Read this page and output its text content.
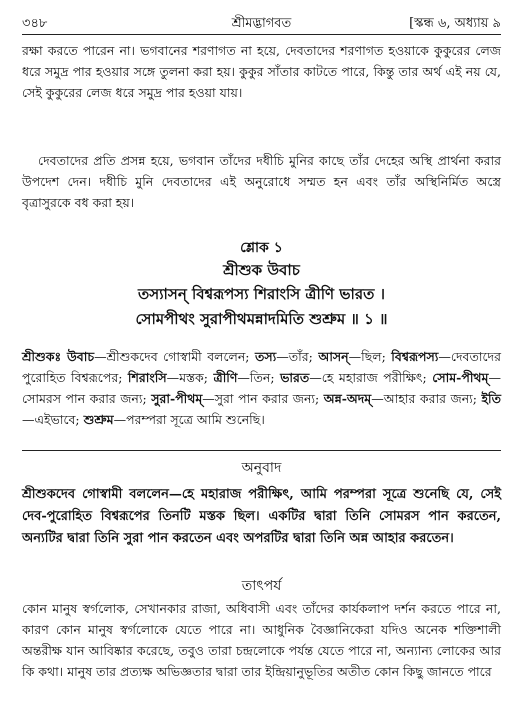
৩৪৮	শ্রীমদ্ভাগবত	[স্কন্ধ ৬, অধ্যায় ৯
রক্ষা করতে পারেন না। ভগবানের শরণাগত না হয়ে, দেবতাদের শরণাগত হওয়াকে কুকুরের লেজ ধরে সমুদ্র পার হওয়ার সঙ্গে তুলনা করা হয়। কুকুর সাঁতার কাটতে পারে, কিন্তু তার অর্থ এই নয় যে, সেই কুকুরের লেজ ধরে সমুদ্র পার হওয়া যায়।
দেবতাদের প্রতি প্রসন্ন হয়ে, ভগবান তাঁদের দধীচি মুনির কাছে তাঁর দেহের অস্থি প্রার্থনা করার উপদেশ দেন। দধীচি মুনি দেবতাদের এই অনুরোধে সম্মত হন এবং তাঁর অস্থিনির্মিত অস্ত্রে বৃত্রাসুরকে বধ করা হয়।
শ্লোক ১
শ্রীশুক উবাচ
তস্যাসন্ বিশ্বরূপস্য শিরাংসি ত্রীণি ভারত ।
সোমপীথং সুরাপীথমন্নাদমিতি শুশ্রুম ॥ ১ ॥
শ্রীশুকঃ উবাচ—শ্রীশুকদেব গোস্বামী বললেন; তস্য—তাঁর; আসন্—ছিল; বিশ্বরূপস্য—দেবতাদের পুরোহিত বিশ্বরূপের; শিরাংসি—মস্তক; ত্রীণি—তিন; ভারত—হে মহারাজ পরীক্ষিৎ; সোম-পীথম্—সোমরস পান করার জন্য; সুরা-পীথম্—সুরা পান করার জন্য; অন্ন-অদম্—আহার করার জন্য; ইতি—এইভাবে; শুশ্রুম—পরম্পরা সূত্রে আমি শুনেছি।
অনুবাদ
শ্রীশুকদেব গোস্বামী বললেন—হে মহারাজ পরীক্ষিৎ, আমি পরম্পরা সূত্রে শুনেছি যে, সেই দেব-পুরোহিত বিশ্বরূপের তিনটি মস্তক ছিল। একটির দ্বারা তিনি সোমরস পান করতেন, অন্যটির দ্বারা তিনি সুরা পান করতেন এবং অপরটির দ্বারা তিনি অন্ন আহার করতেন।
তাৎপর্য
কোন মানুষ স্বর্গলোক, সেখানকার রাজা, অধিবাসী এবং তাঁদের কার্যকলাপ দর্শন করতে পারে না, কারণ কোন মানুষ স্বর্গলোকে যেতে পারে না। আধুনিক বৈজ্ঞানিকেরা যদিও অনেক শক্তিশালী অন্তরীক্ষ যান আবিষ্কার করেছে, তবুও তারা চন্দ্রলোকে পর্যন্ত যেতে পারে না, অন্যান্য লোকের আর কি কথা। মানুষ তার প্রত্যক্ষ অভিজ্ঞতার দ্বারা তার ইন্দ্রিয়ানুভূতির অতীত কোন কিছু জানতে পারে
